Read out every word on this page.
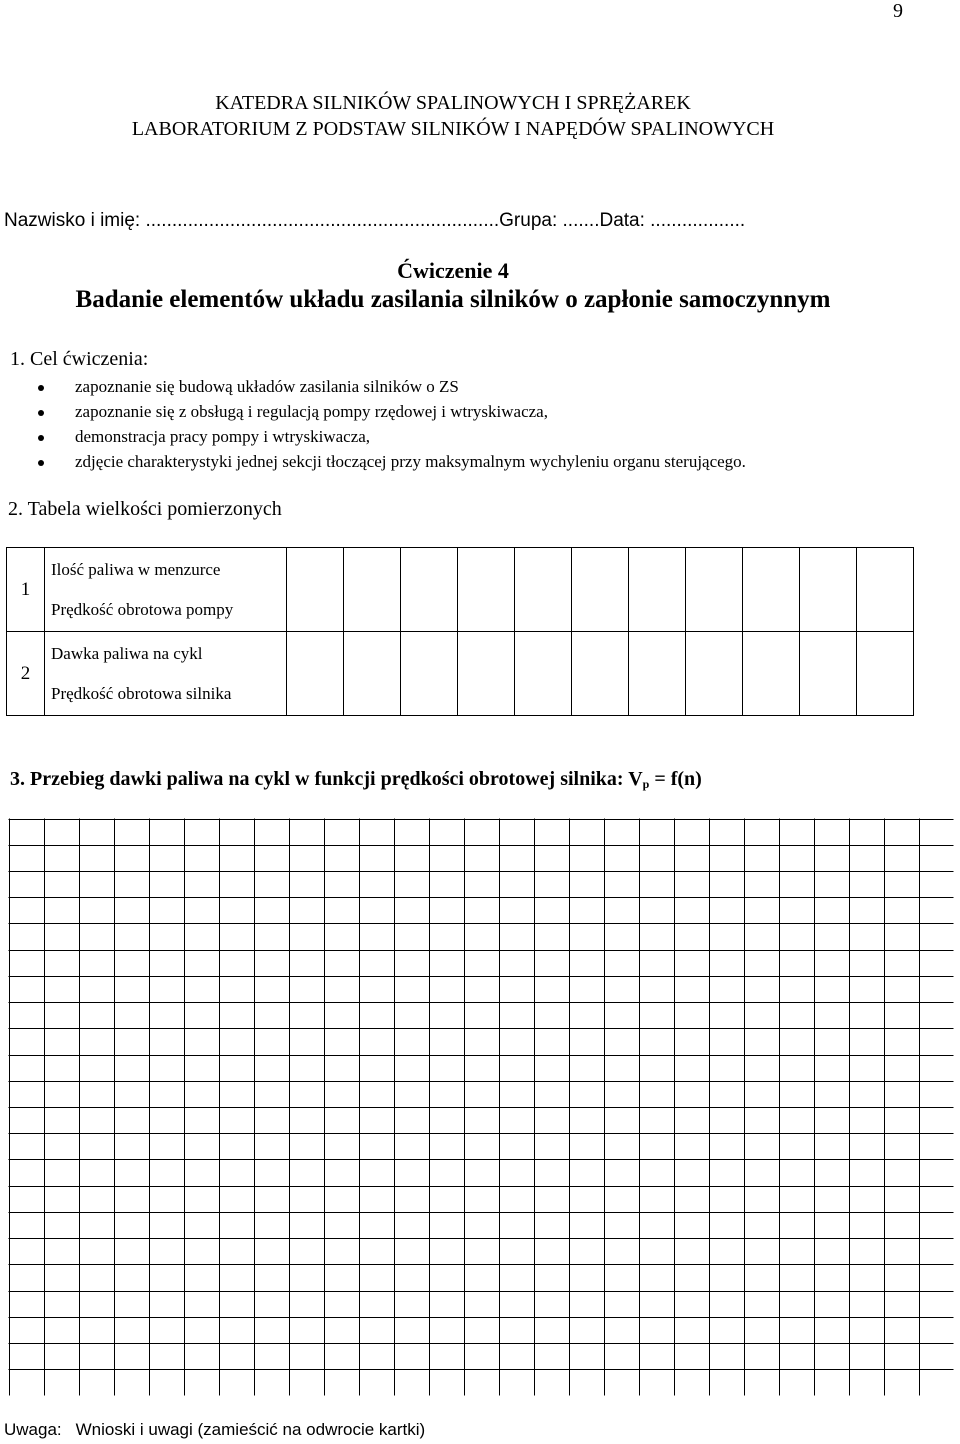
9
KATEDRA SILNIKÓW SPALINOWYCH I SPRĘŻAREK
LABORATORIUM Z PODSTAW SILNIKÓW I NAPĘDÓW SPALINOWYCH
Nazwisko i imię: ...................................................................Grupa: .......Data: ..................
Ćwiczenie 4
Badanie elementów układu zasilania silników o zapłonie samoczynnym
1. Cel ćwiczenia:
zapoznanie się budową układów zasilania silników o ZS
zapoznanie się z obsługą i regulacją pompy rzędowej i wtryskiwacza,
demonstracja pracy pompy i wtryskiwacza,
zdjęcie charakterystyki jednej sekcji tłoczącej przy maksymalnym wychyleniu organu sterującego.
2. Tabela wielkości pomierzonych
1	Ilość paliwa w menzurce
Prędkość obrotowa pompy											

2	Dawka paliwa na cykl
Prędkość obrotowa silnika											

3. Przebieg dawki paliwa na cykl w funkcji prędkości obrotowej silnika: $V_p = f(n)$
Uwaga: Wnioski i uwagi (zamieścić na odwrocie kartki)
